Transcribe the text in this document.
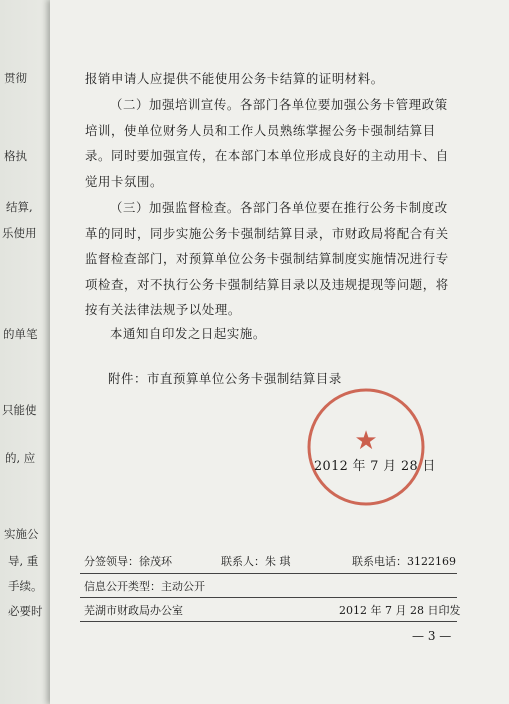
贯彻
格执
结算,
乐使用
的单笔
只能使
的, 应
实施公
导, 重
手续。
必要时
报销申请人应提供不能使用公务卡结算的证明材料。
（二）加强培训宣传。各部门各单位要加强公务卡管理政策培训，使单位财务人员和工作人员熟练掌握公务卡强制结算目录。同时要加强宣传，在本部门本单位形成良好的主动用卡、自觉用卡氛围。
（三）加强监督检查。各部门各单位要在推行公务卡制度改革的同时，同步实施公务卡强制结算目录，市财政局将配合有关监督检查部门，对预算单位公务卡强制结算制度实施情况进行专项检查，对不执行公务卡强制结算目录以及违规提现等问题，将按有关法律法规予以处理。
本通知自印发之日起实施。
附件：市直预算单位公务卡强制结算目录
★
2012 年 7 月 28 日
分签领导：徐茂环	联系人：朱 琪	联系电话：3122169
信息公开类型：主动公开
芜湖市财政局办公室	2012 年 7 月 28 日印发
— 3 —
